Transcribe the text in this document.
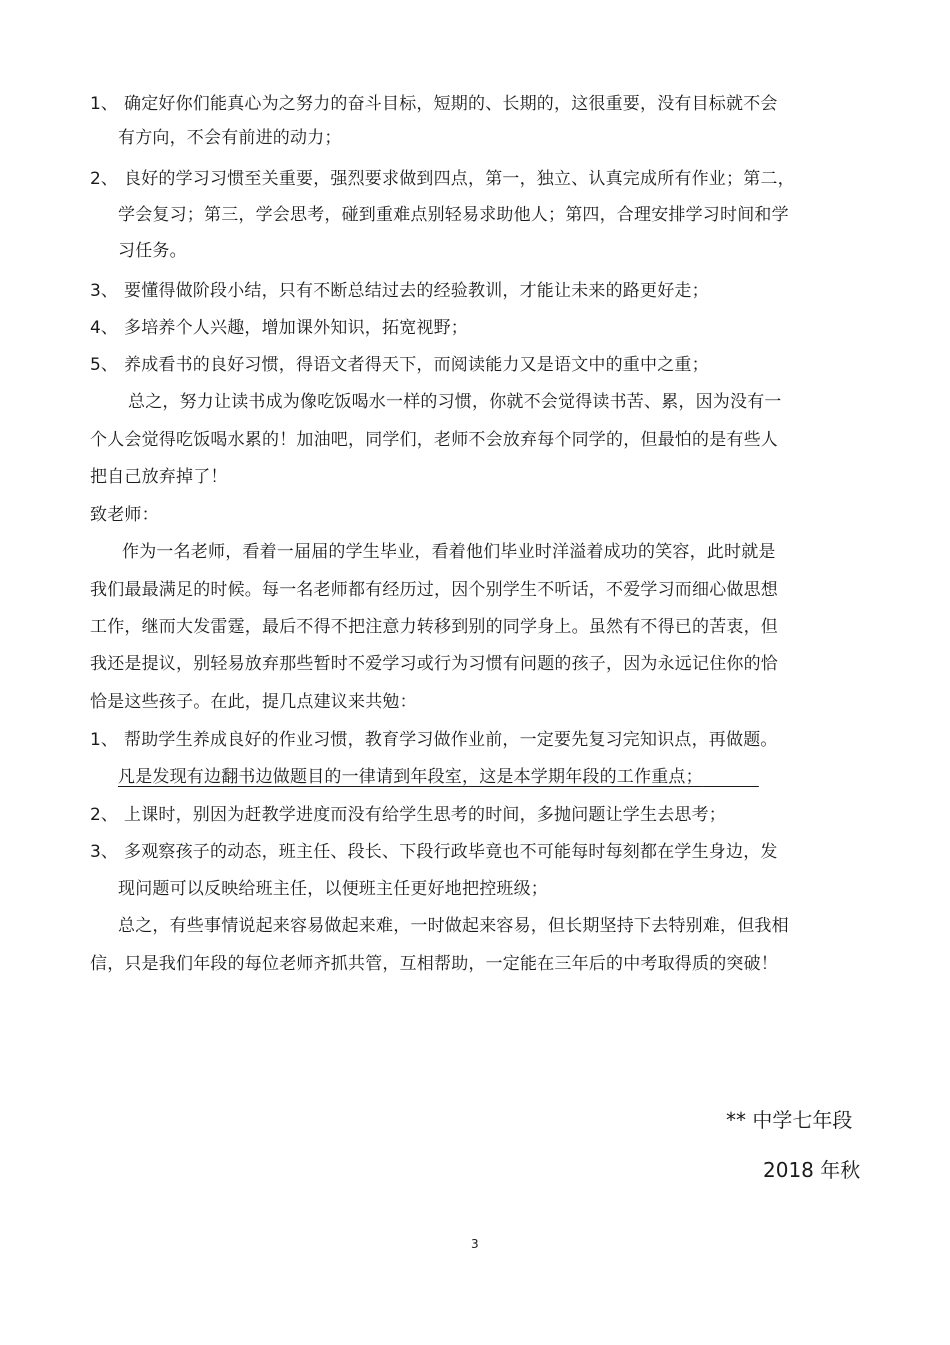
1、 确定好你们能真心为之努力的奋斗目标，短期的、长期的，这很重要，没有目标就不会
有方向，不会有前进的动力；
2、 良好的学习习惯至关重要，强烈要求做到四点，第一，独立、认真完成所有作业；第二，
学会复习；第三，学会思考，碰到重难点别轻易求助他人；第四，合理安排学习时间和学
习任务。
3、 要懂得做阶段小结，只有不断总结过去的经验教训，才能让未来的路更好走；
4、 多培养个人兴趣，增加课外知识，拓宽视野；
5、 养成看书的良好习惯，得语文者得天下，而阅读能力又是语文中的重中之重；
总之，努力让读书成为像吃饭喝水一样的习惯，你就不会觉得读书苦、累，因为没有一
个人会觉得吃饭喝水累的！加油吧，同学们，老师不会放弃每个同学的，但最怕的是有些人
把自己放弃掉了！
致老师：
作为一名老师，看着一届届的学生毕业，看着他们毕业时洋溢着成功的笑容，此时就是
我们最最满足的时候。每一名老师都有经历过，因个别学生不听话，不爱学习而细心做思想
工作，继而大发雷霆，最后不得不把注意力转移到别的同学身上。虽然有不得已的苦衷，但
我还是提议，别轻易放弃那些暂时不爱学习或行为习惯有问题的孩子，因为永远记住你的恰
恰是这些孩子。在此，提几点建议来共勉：
1、 帮助学生养成良好的作业习惯，教育学习做作业前，一定要先复习完知识点，再做题。
凡是发现有边翻书边做题目的一律请到年段室，这是本学期年段的工作重点；
2、 上课时，别因为赶教学进度而没有给学生思考的时间，多抛问题让学生去思考；
3、 多观察孩子的动态，班主任、段长、下段行政毕竟也不可能每时每刻都在学生身边，发
现问题可以反映给班主任，以便班主任更好地把控班级；
总之，有些事情说起来容易做起来难，一时做起来容易，但长期坚持下去特别难，但我相
信，只是我们年段的每位老师齐抓共管，互相帮助，一定能在三年后的中考取得质的突破！
** 中学七年段
2018 年秋
3
